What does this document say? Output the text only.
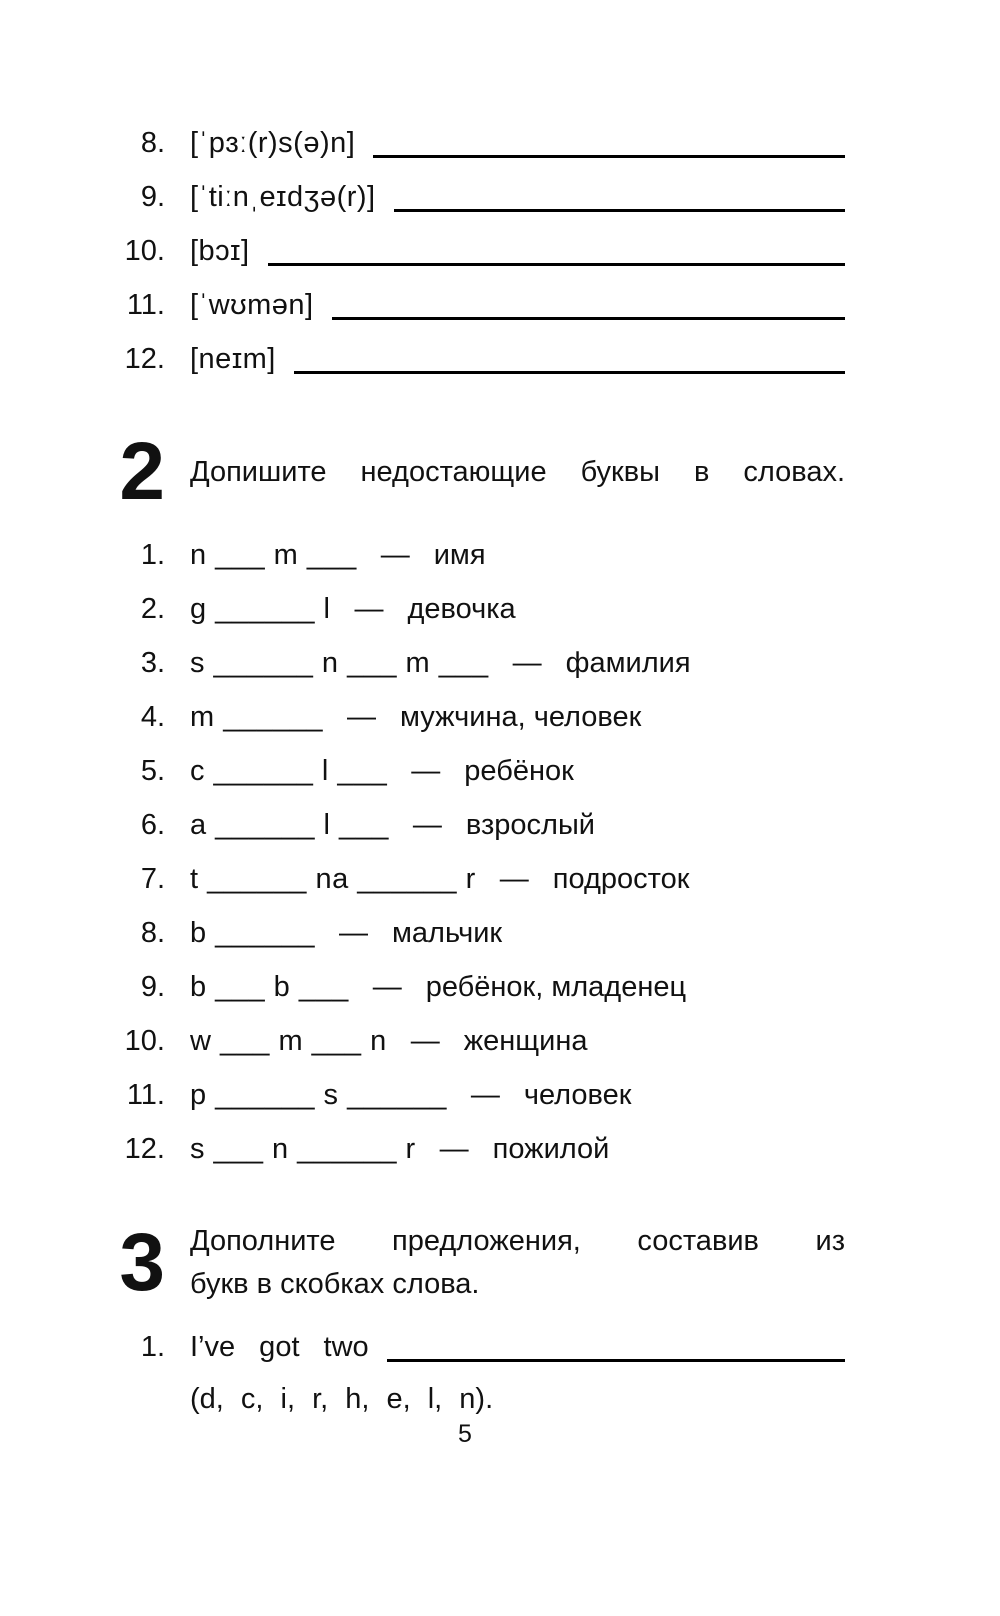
8. [ˈpɜː(r)s(ə)n]
9. [ˈtiːnˌeɪdʒə(r)]
10. [bɔɪ]
11. [ˈwʊmən]
12. [neɪm]
2 Допишите недостающие буквы в словах.
1. n ___ m ___ — имя
2. g ______ l — девочка
3. s ______ n ___ m ___ — фамилия
4. m ______ — мужчина, человек
5. c ______ l ___ — ребёнок
6. a ______ l ___ — взрослый
7. t ______ na ______ r — подросток
8. b ______ — мальчик
9. b ___ b ___ — ребёнок, младенец
10. w ___ m ___ n — женщина
11. p ______ s ______ — человек
12. s ___ n ______ r — пожилой
3 Дополните предложения, составив из
букв в скобках слова.
1. I’ve got two
(d, c, i, r, h, e, l, n).
5
